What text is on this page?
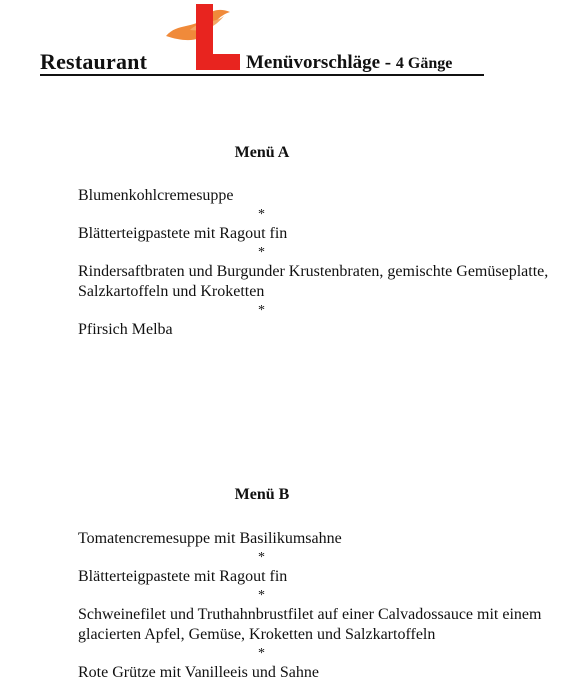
Restaurant	Menüvorschläge - 4 Gänge
Menü A

Blumenkohlcremesuppe

*

Blätterteigpastete mit Ragout fin

*

Rindersaftbraten und Burgunder Krustenbraten, gemischte Gemüseplatte, Salzkartoffeln und Kroketten

*

Pfirsich Melba

Menü B

Tomatencremesuppe mit Basilikumsahne

*

Blätterteigpastete mit Ragout fin

*

Schweinefilet und Truthahnbrustfilet auf einer Calvadossauce mit einem glacierten Apfel, Gemüse, Kroketten und Salzkartoffeln

*

Rote Grütze mit Vanilleeis und Sahne
